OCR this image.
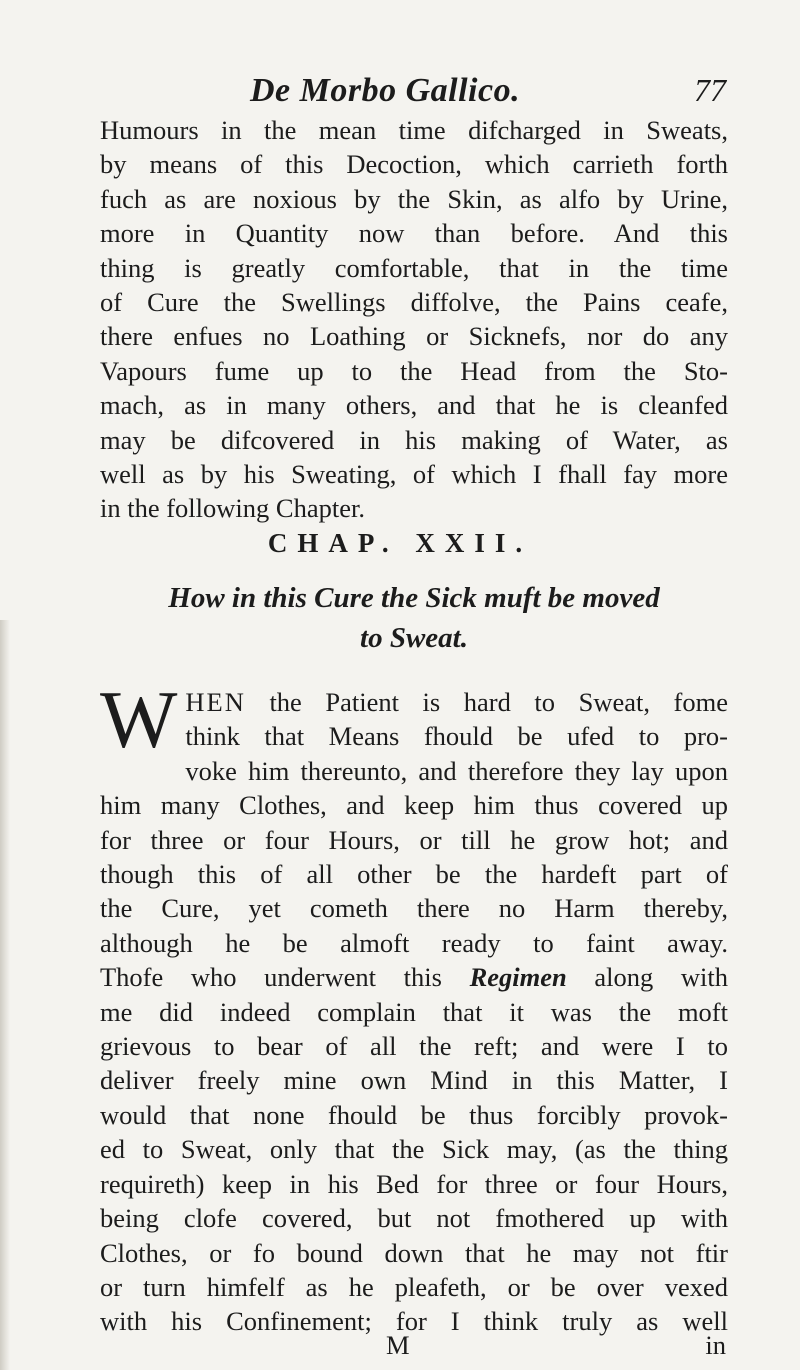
De Morbo Gallico.	77

Humours in the mean time difcharged in Sweats,
by means of this Decoction, which carrieth forth
fuch as are noxious by the Skin, as alfo by Urine,
more in Quantity now than before. And this
thing is greatly comfortable, that in the time
of Cure the Swellings diffolve, the Pains ceafe,
there enfues no Loathing or Sicknefs, nor do any
Vapours fume up to the Head from the Sto-
mach, as in many others, and that he is cleanfed
may be difcovered in his making of Water, as
well as by his Sweating, of which I fhall fay more
in the following Chapter.

CHAP. XXII.
How in this Cure the Sick muft be moved
to Sweat.

W HEN the Patient is hard to Sweat, fome
think that Means fhould be ufed to pro-
voke him thereunto, and therefore they lay upon
him many Clothes, and keep him thus covered up
for three or four Hours, or till he grow hot; and
though this of all other be the hardeft part of
the Cure, yet cometh there no Harm thereby,
although he be almoft ready to faint away.
Thofe who underwent this Regimen along with
me did indeed complain that it was the moft
grievous to bear of all the reft; and were I to
deliver freely mine own Mind in this Matter, I
would that none fhould be thus forcibly provok-
ed to Sweat, only that the Sick may, (as the thing
requireth) keep in his Bed for three or four Hours,
being clofe covered, but not fmothered up with
Clothes, or fo bound down that he may not ftir
or turn himfelf as he pleafeth, or be over vexed
with his Confinement; for I think truly as well

M	in
